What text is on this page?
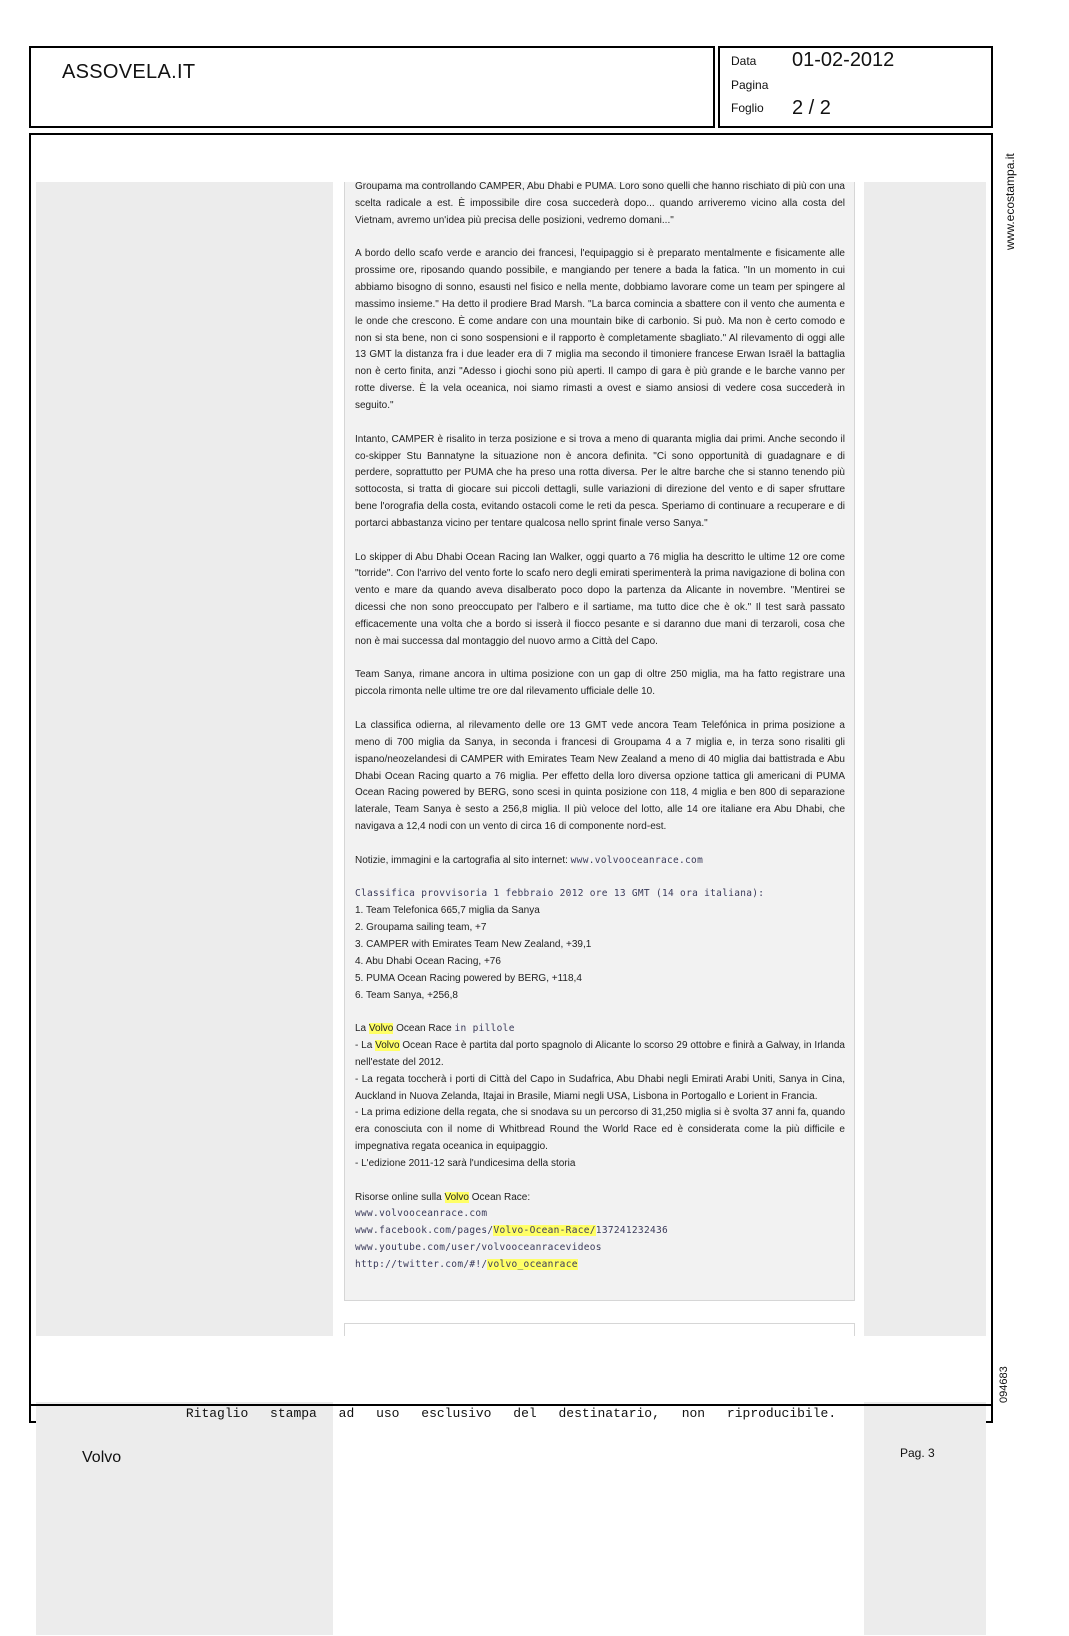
ASSOVELA.IT	Data 01-02-2012
Pagina
Foglio 2 / 2
www.ecostampa.it
094683

Groupama ma controllando CAMPER, Abu Dhabi e PUMA. Loro sono quelli che hanno rischiato di più con una scelta radicale a est. È impossibile dire cosa succederà dopo... quando arriveremo vicino alla costa del Vietnam, avremo un'idea più precisa delle posizioni, vedremo domani..."

A bordo dello scafo verde e arancio dei francesi, l'equipaggio si è preparato mentalmente e fisicamente alle prossime ore, riposando quando possibile, e mangiando per tenere a bada la fatica. "In un momento in cui abbiamo bisogno di sonno, esausti nel fisico e nella mente, dobbiamo lavorare come un team per spingere al massimo insieme." Ha detto il prodiere Brad Marsh. "La barca comincia a sbattere con il vento che aumenta e le onde che crescono. È come andare con una mountain bike di carbonio. Si può. Ma non è certo comodo e non si sta bene, non ci sono sospensioni e il rapporto è completamente sbagliato." Al rilevamento di oggi alle 13 GMT la distanza fra i due leader era di 7 miglia ma secondo il timoniere francese Erwan Israël la battaglia non è certo finita, anzi "Adesso i giochi sono più aperti. Il campo di gara è più grande e le barche vanno per rotte diverse. È la vela oceanica, noi siamo rimasti a ovest e siamo ansiosi di vedere cosa succederà in seguito."

Intanto, CAMPER è risalito in terza posizione e si trova a meno di quaranta miglia dai primi. Anche secondo il co-skipper Stu Bannatyne la situazione non è ancora definita. "Ci sono opportunità di guadagnare e di perdere, soprattutto per PUMA che ha preso una rotta diversa. Per le altre barche che si stanno tenendo più sottocosta, si tratta di giocare sui piccoli dettagli, sulle variazioni di direzione del vento e di saper sfruttare bene l'orografia della costa, evitando ostacoli come le reti da pesca. Speriamo di continuare a recuperare e di portarci abbastanza vicino per tentare qualcosa nello sprint finale verso Sanya."

Lo skipper di Abu Dhabi Ocean Racing Ian Walker, oggi quarto a 76 miglia ha descritto le ultime 12 ore come "torride". Con l'arrivo del vento forte lo scafo nero degli emirati sperimenterà la prima navigazione di bolina con vento e mare da quando aveva disalberato poco dopo la partenza da Alicante in novembre. "Mentirei se dicessi che non sono preoccupato per l'albero e il sartiame, ma tutto dice che è ok." Il test sarà passato efficacemente una volta che a bordo si isserà il fiocco pesante e si daranno due mani di terzaroli, cosa che non è mai successa dal montaggio del nuovo armo a Città del Capo.

Team Sanya, rimane ancora in ultima posizione con un gap di oltre 250 miglia, ma ha fatto registrare una piccola rimonta nelle ultime tre ore dal rilevamento ufficiale delle 10.

La classifica odierna, al rilevamento delle ore 13 GMT vede ancora Team Telefónica in prima posizione a meno di 700 miglia da Sanya, in seconda i francesi di Groupama 4 a 7 miglia e, in terza sono risaliti gli ispano/neozelandesi di CAMPER with Emirates Team New Zealand a meno di 40 miglia dai battistrada e Abu Dhabi Ocean Racing quarto a 76 miglia. Per effetto della loro diversa opzione tattica gli americani di PUMA Ocean Racing powered by BERG, sono scesi in quinta posizione con 118, 4 miglia e ben 800 di separazione laterale, Team Sanya è sesto a 256,8 miglia. Il più veloce del lotto, alle 14 ore italiane era Abu Dhabi, che navigava a 12,4 nodi con un vento di circa 16 di componente nord-est.

Notizie, immagini e la cartografia al sito internet: www.volvooceanrace.com

Classifica provvisoria 1 febbraio 2012 ore 13 GMT (14 ora italiana):
1. Team Telefonica 665,7 miglia da Sanya
2. Groupama sailing team, +7
3. CAMPER with Emirates Team New Zealand, +39,1
4. Abu Dhabi Ocean Racing, +76
5. PUMA Ocean Racing powered by BERG, +118,4
6. Team Sanya, +256,8
La Volvo Ocean Race in pillole
- La Volvo Ocean Race è partita dal porto spagnolo di Alicante lo scorso 29 ottobre e finirà a Galway, in Irlanda nell'estate del 2012.
- La regata toccherà i porti di Città del Capo in Sudafrica, Abu Dhabi negli Emirati Arabi Uniti, Sanya in Cina, Auckland in Nuova Zelanda, Itajai in Brasile, Miami negli USA, Lisbona in Portogallo e Lorient in Francia.
- La prima edizione della regata, che si snodava su un percorso di 31,250 miglia si è svolta 37 anni fa, quando era conosciuta con il nome di Whitbread Round the World Race ed è considerata come la più difficile e impegnativa regata oceanica in equipaggio.
- L'edizione 2011-12 sarà l'undicesima della storia
Risorse online sulla Volvo Ocean Race:
www.volvooceanrace.com
www.facebook.com/pages/Volvo-Ocean-Race/137241232436
www.youtube.com/user/volvooceanracevideos
http://twitter.com/#!/volvo_oceanrace
Ritaglio stampa ad uso esclusivo del destinatario, non riproducibile.
Volvo	Pag. 3
